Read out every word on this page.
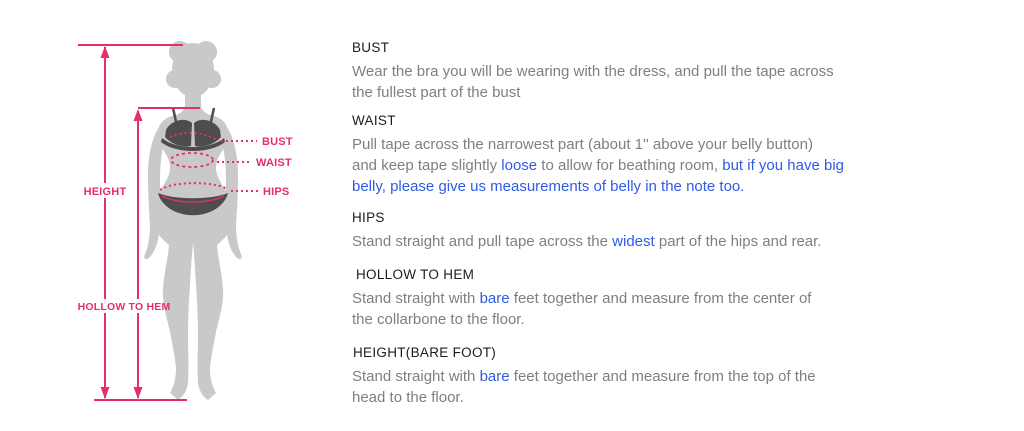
HEIGHT
HOLLOW TO HEM
BUST
WAIST
HIPS
BUST
Wear the bra you will be wearing with the dress, and pull the tape across
the fullest part of the bust
WAIST
Pull tape across the narrowest part (about 1'' above your belly button)
and keep tape slightly loose to allow for beathing room, but if you have big
belly, please give us measurements of belly in the note too.
HIPS
Stand straight and pull tape across the widest part of the hips and rear.
HOLLOW TO HEM
Stand straight with bare feet together and measure from the center of
the collarbone to the floor.
HEIGHT(BARE FOOT)
Stand straight with bare feet together and measure from the top of the
head to the floor.
